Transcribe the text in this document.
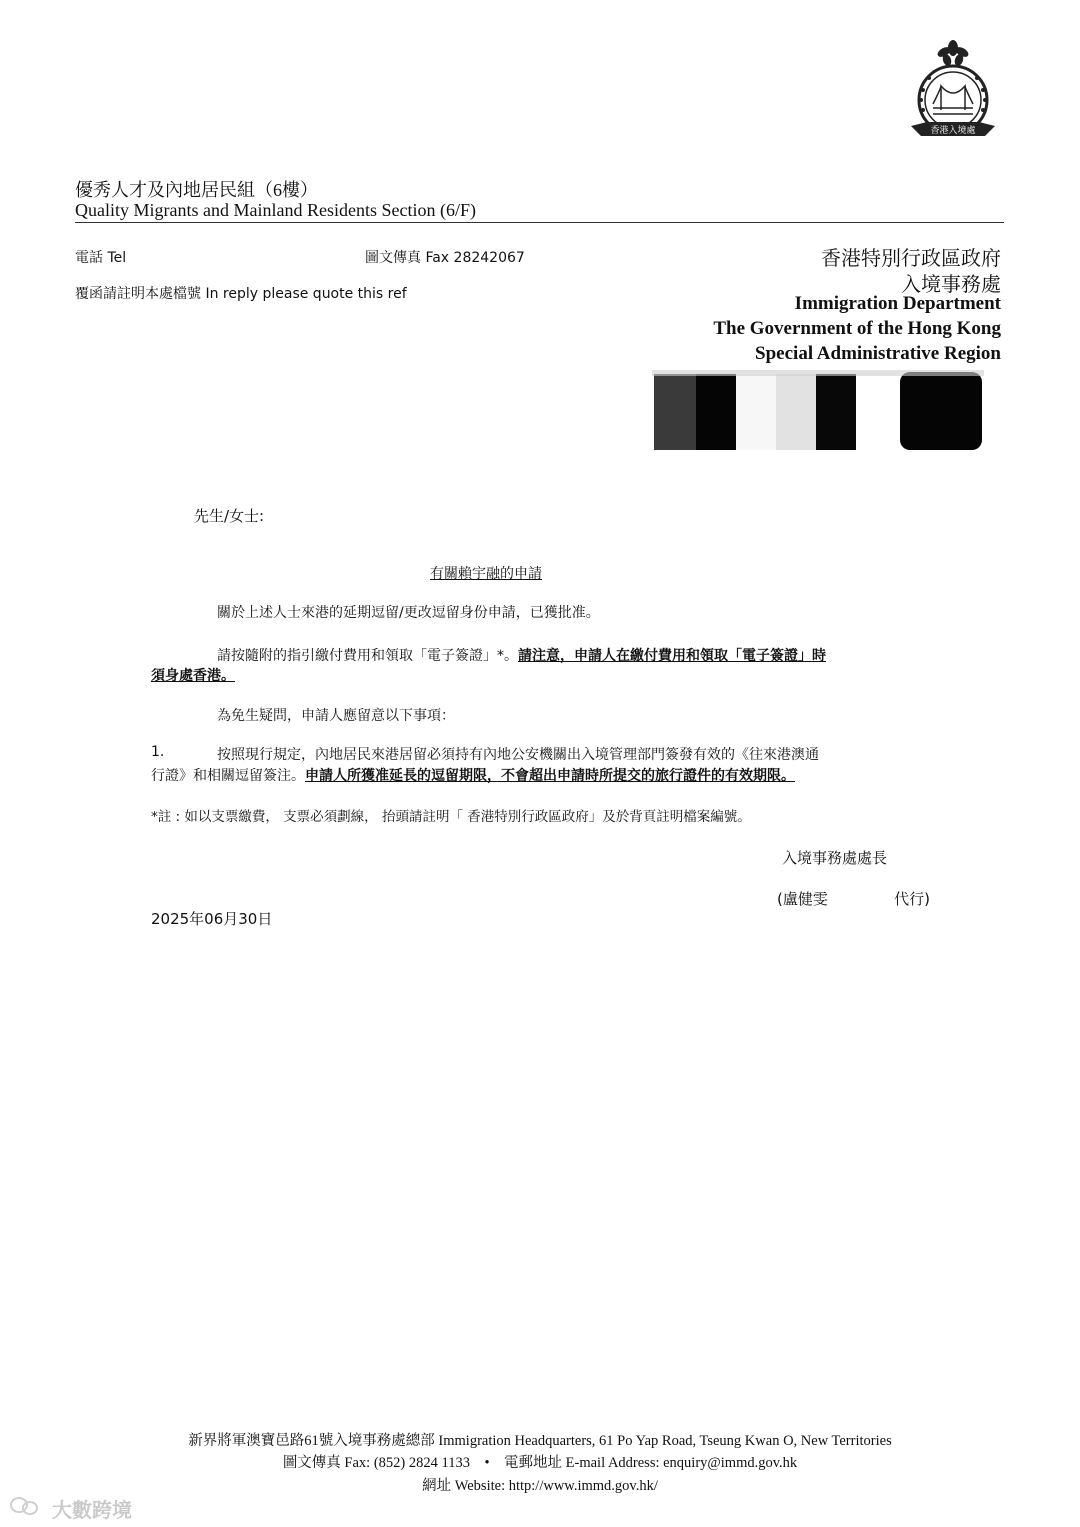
香港入境處
優秀人才及內地居民組（6樓）
Quality Migrants and Mainland Residents Section (6/F)
電話 Tel	圖文傳真 Fax 28242067
覆函請註明本處檔號 In reply please quote this ref
香港特別行政區政府
入境事務處
Immigration Department
The Government of the Hong Kong
Special Administrative Region
先生/女士:
有關賴宇融的申請
關於上述人士來港的延期逗留/更改逗留身份申請，已獲批准。
請按隨附的指引繳付費用和領取「電子簽證」*。請注意，申請人在繳付費用和領取「電子簽證」時
須身處香港。
為免生疑問，申請人應留意以下事項：
1.	按照現行規定，內地居民來港居留必須持有內地公安機關出入境管理部門簽發有效的《往來港澳通
行證》和相關逗留簽注。申請人所獲准延長的逗留期限，不會超出申請時所提交的旅行證件的有效期限。
*註 : 如以支票繳費， 支票必須劃線， 抬頭請註明「 香港特別行政區政府」及於背頁註明檔案編號。
入境事務處處長
(盧健雯	代行)
2025年06月30日
新界將軍澳寶邑路61號入境事務處總部 Immigration Headquarters, 61 Po Yap Road, Tseung Kwan O, New Territories
圖文傳真 Fax: (852) 2824 1133　•　電郵地址 E-mail Address: enquiry@immd.gov.hk
網址 Website: http://www.immd.gov.hk/
大數跨境
